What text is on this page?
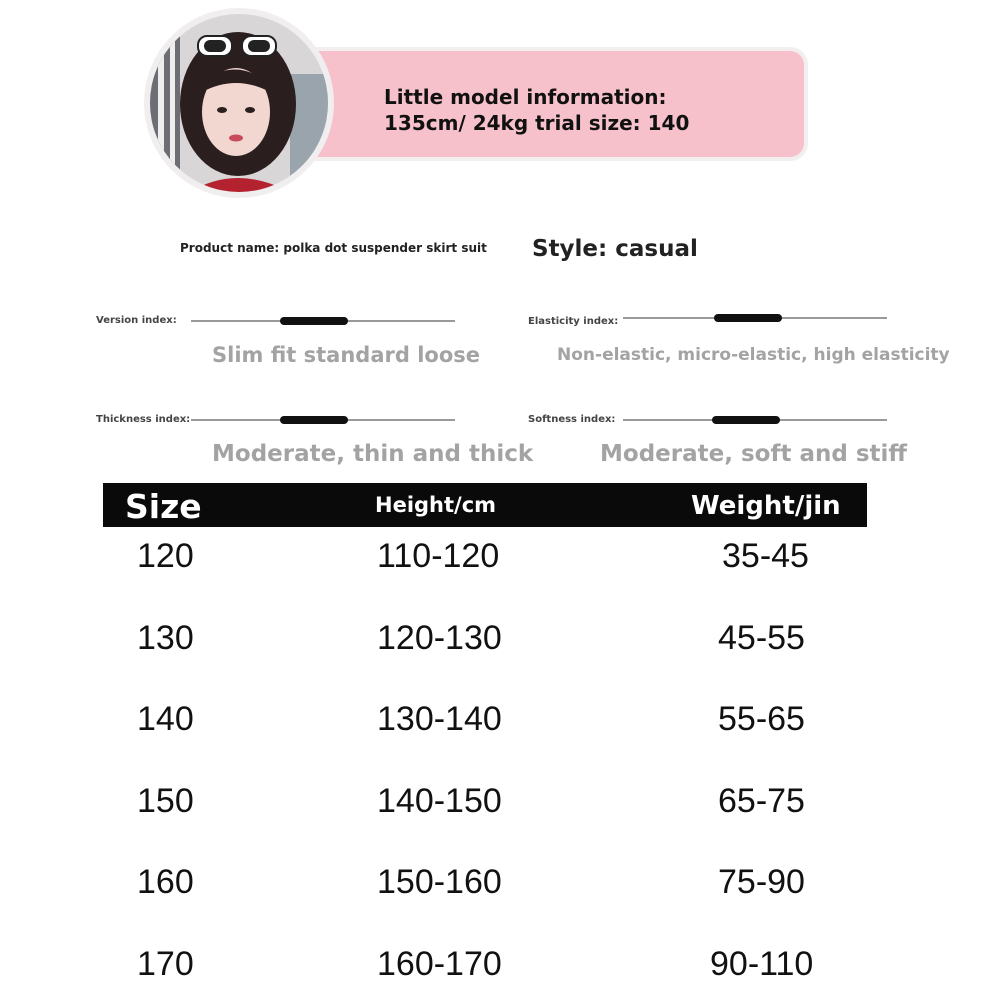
Little model information:
135cm/ 24kg trial size: 140
Product name: polka dot suspender skirt suit Style: casual
Version index:
Slim fit standard loose
Elasticity index:
Non-elastic, micro-elastic, high elasticity
Thickness index:
Moderate, thin and thick
Softness index:
Moderate, soft and stiff
Size	Height/cm	Weight/jin
120	110-120	35-45
130	120-130	45-55
140	130-140	55-65
150	140-150	65-75
160	150-160	75-90
170	160-170	90-110
